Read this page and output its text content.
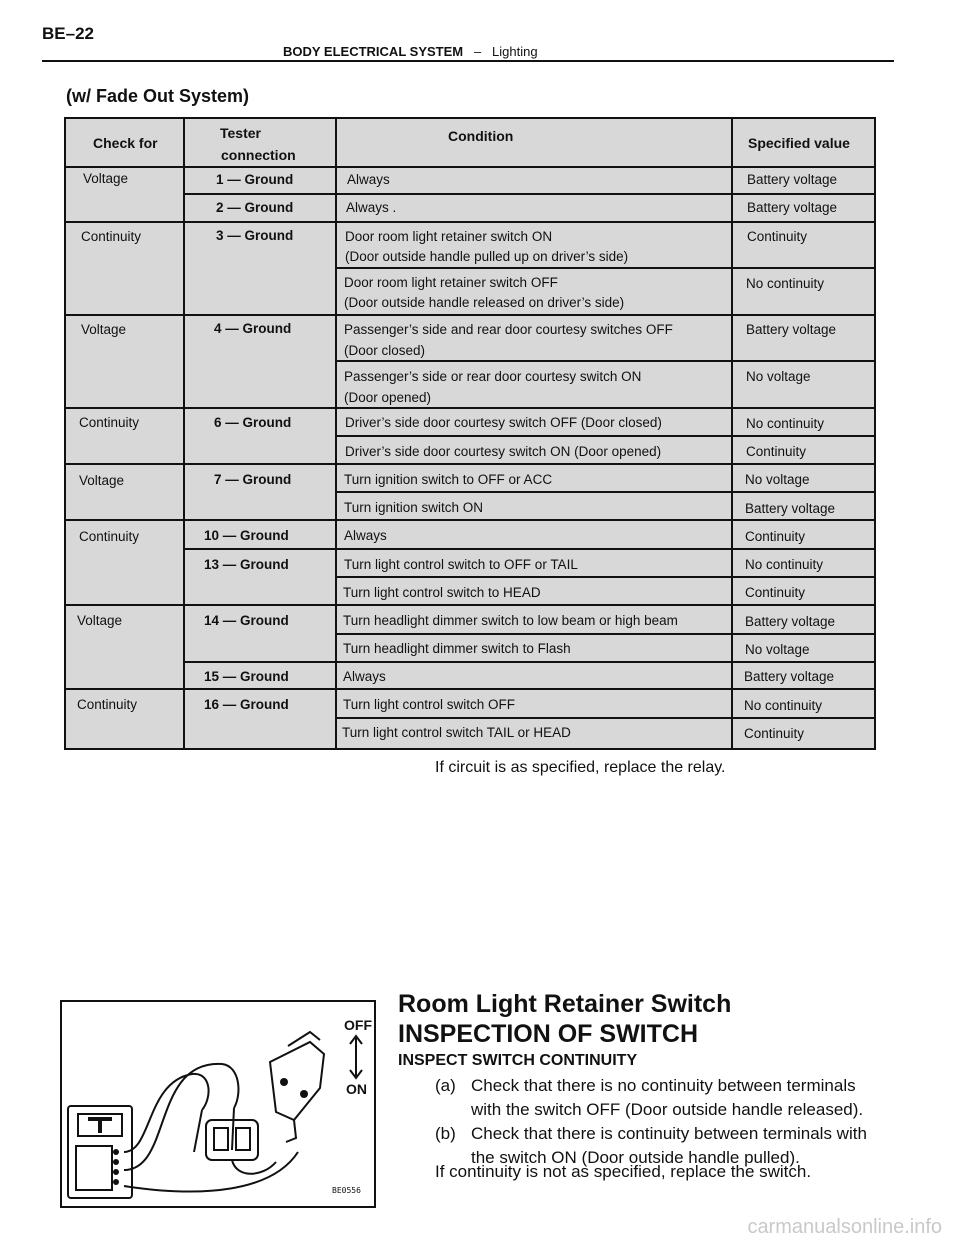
BE–22
BODY ELECTRICAL SYSTEM – Lighting
(w/ Fade Out System)
Check for
Tester
connection
Condition	Specified value
Voltage
Continuity
Voltage
Continuity
Voltage
Continuity
Voltage
Continuity
1 — Ground
2 — Ground
3 — Ground
4 — Ground
6 — Ground
7 — Ground
10 — Ground
13 — Ground
14 — Ground
15 — Ground
16 — Ground
Always
Always .
Door room light retainer switch ON
(Door outside handle pulled up on driver’s side)
Door room light retainer switch OFF
(Door outside handle released on driver’s side)
Passenger’s side and rear door courtesy switches OFF
(Door closed)
Passenger’s side or rear door courtesy switch ON
(Door opened)
Driver’s side door courtesy switch OFF (Door closed)
Driver’s side door courtesy switch ON (Door opened)
Turn ignition switch to OFF or ACC
Turn ignition switch ON
Always
Turn light control switch to OFF or TAIL
Turn light control switch to HEAD
Turn headlight dimmer switch to low beam or high beam
Turn headlight dimmer switch to Flash
Always
Turn light control switch OFF
Turn light control switch TAIL or HEAD
Battery voltage
Battery voltage
Continuity
No continuity
Battery voltage
No voltage
No continuity
Continuity
No voltage
Battery voltage
Continuity
No continuity
Continuity
Battery voltage
No voltage
Battery voltage
No continuity
Continuity
If circuit is as specified, replace the relay.
OFF
ON
BE0556
Room Light Retainer Switch
INSPECTION OF SWITCH
INSPECT SWITCH CONTINUITY
(a) Check that there is no continuity between terminals
with the switch OFF (Door outside handle released).
(b) Check that there is continuity between terminals with
the switch ON (Door outside handle pulled).
If continuity is not as specified, replace the switch.
carmanualsonline.info
